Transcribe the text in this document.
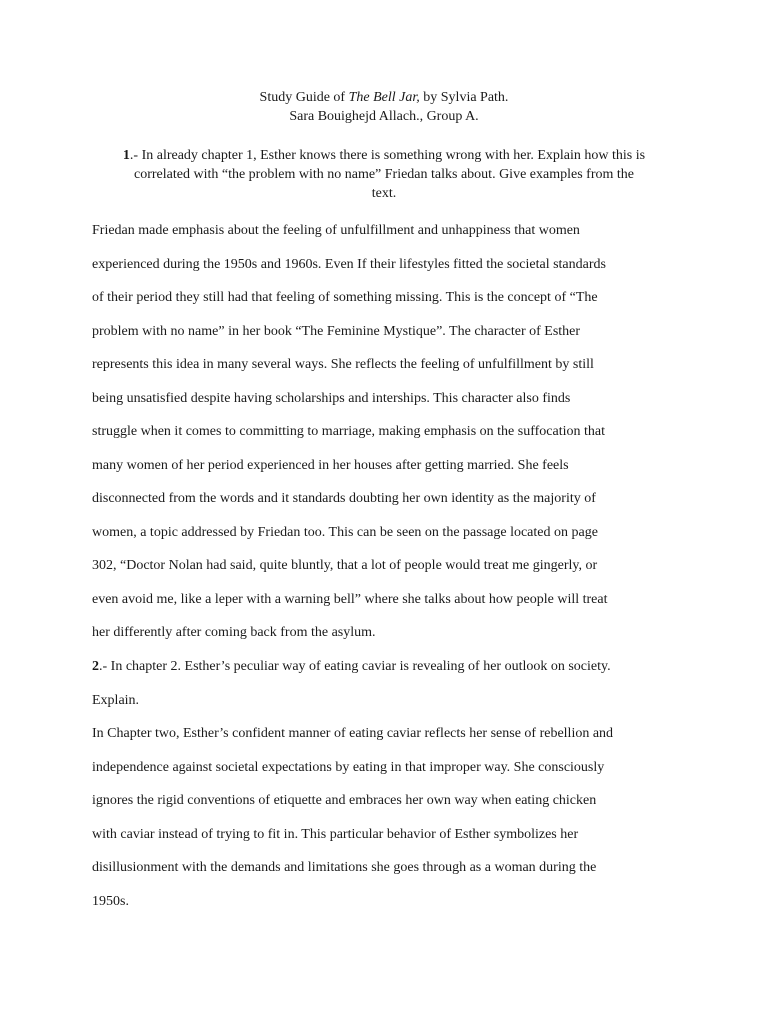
Study Guide of The Bell Jar, by Sylvia Path.
Sara Bouighejd Allach., Group A.
1.- In already chapter 1, Esther knows there is something wrong with her. Explain how this is
correlated with “the problem with no name” Friedan talks about. Give examples from the
text.
Friedan made emphasis about the feeling of unfulfillment and unhappiness that women
experienced during the 1950s and 1960s. Even If their lifestyles fitted the societal standards
of their period they still had that feeling of something missing. This is the concept of “The
problem with no name” in her book “The Feminine Mystique”. The character of Esther
represents this idea in many several ways. She reflects the feeling of unfulfillment by still
being unsatisfied despite having scholarships and interships. This character also finds
struggle when it comes to committing to marriage, making emphasis on the suffocation that
many women of her period experienced in her houses after getting married. She feels
disconnected from the words and it standards doubting her own identity as the majority of
women, a topic addressed by Friedan too. This can be seen on the passage located on page
302, “Doctor Nolan had said, quite bluntly, that a lot of people would treat me gingerly, or
even avoid me, like a leper with a warning bell” where she talks about how people will treat
her differently after coming back from the asylum.
2.- In chapter 2. Esther’s peculiar way of eating caviar is revealing of her outlook on society.
Explain.
In Chapter two, Esther’s confident manner of eating caviar reflects her sense of rebellion and
independence against societal expectations by eating in that improper way. She consciously
ignores the rigid conventions of etiquette and embraces her own way when eating chicken
with caviar instead of trying to fit in. This particular behavior of Esther symbolizes her
disillusionment with the demands and limitations she goes through as a woman during the
1950s.
